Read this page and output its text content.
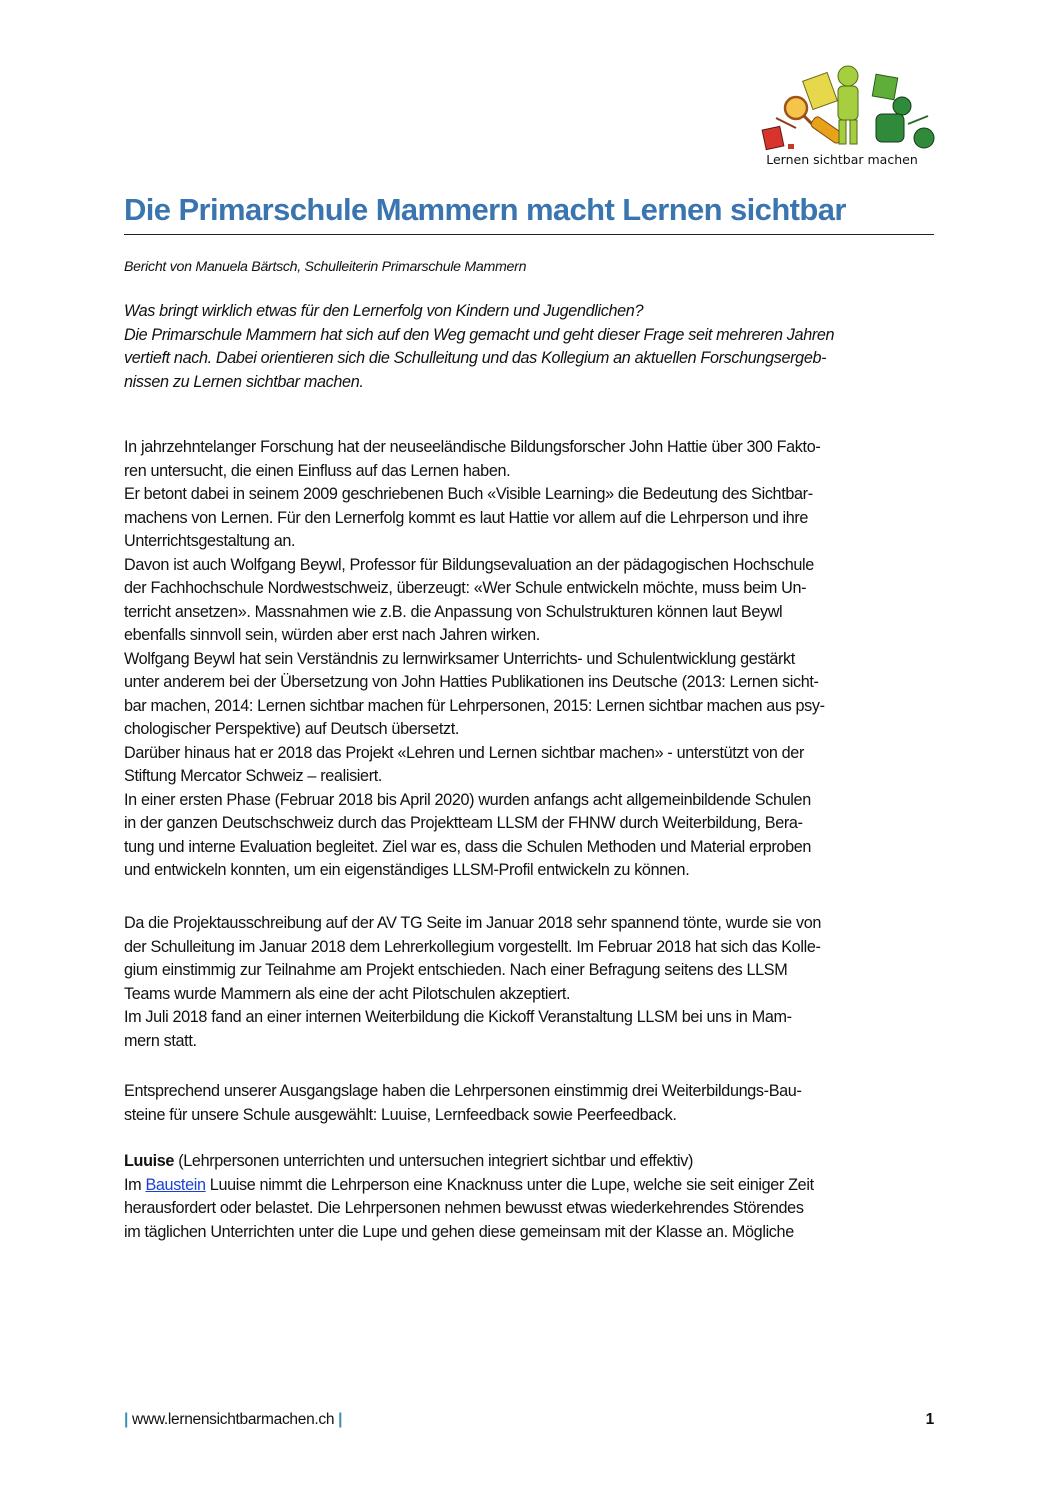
Lernen sichtbar machen
Die Primarschule Mammern macht Lernen sichtbar
Bericht von Manuela Bärtsch, Schulleiterin Primarschule Mammern

Was bringt wirklich etwas für den Lernerfolg von Kindern und Jugendlichen?

Die Primarschule Mammern hat sich auf den Weg gemacht und geht dieser Frage seit mehreren Jahren

vertieft nach. Dabei orientieren sich die Schulleitung und das Kollegium an aktuellen Forschungsergeb-

nissen zu Lernen sichtbar machen.

In jahrzehntelanger Forschung hat der neuseeländische Bildungsforscher John Hattie über 300 Fakto-

ren untersucht, die einen Einfluss auf das Lernen haben.

Er betont dabei in seinem 2009 geschriebenen Buch «Visible Learning» die Bedeutung des Sichtbar-

machens von Lernen. Für den Lernerfolg kommt es laut Hattie vor allem auf die Lehrperson und ihre

Unterrichtsgestaltung an.

Davon ist auch Wolfgang Beywl, Professor für Bildungsevaluation an der pädagogischen Hochschule

der Fachhochschule Nordwestschweiz, überzeugt: «Wer Schule entwickeln möchte, muss beim Un-

terricht ansetzen». Massnahmen wie z.B. die Anpassung von Schulstrukturen können laut Beywl

ebenfalls sinnvoll sein, würden aber erst nach Jahren wirken.

Wolfgang Beywl hat sein Verständnis zu lernwirksamer Unterrichts- und Schulentwicklung gestärkt

unter anderem bei der Übersetzung von John Hatties Publikationen ins Deutsche (2013: Lernen sicht-

bar machen, 2014: Lernen sichtbar machen für Lehrpersonen, 2015: Lernen sichtbar machen aus psy-

chologischer Perspektive) auf Deutsch übersetzt.

Darüber hinaus hat er 2018 das Projekt «Lehren und Lernen sichtbar machen» - unterstützt von der

Stiftung Mercator Schweiz – realisiert.

In einer ersten Phase (Februar 2018 bis April 2020) wurden anfangs acht allgemeinbildende Schulen

in der ganzen Deutschschweiz durch das Projektteam LLSM der FHNW durch Weiterbildung, Bera-

tung und interne Evaluation begleitet. Ziel war es, dass die Schulen Methoden und Material erproben

und entwickeln konnten, um ein eigenständiges LLSM-Profil entwickeln zu können.

Da die Projektausschreibung auf der AV TG Seite im Januar 2018 sehr spannend tönte, wurde sie von

der Schulleitung im Januar 2018 dem Lehrerkollegium vorgestellt. Im Februar 2018 hat sich das Kolle-

gium einstimmig zur Teilnahme am Projekt entschieden. Nach einer Befragung seitens des LLSM

Teams wurde Mammern als eine der acht Pilotschulen akzeptiert.

Im Juli 2018 fand an einer internen Weiterbildung die Kickoff Veranstaltung LLSM bei uns in Mam-

mern statt.

Entsprechend unserer Ausgangslage haben die Lehrpersonen einstimmig drei Weiterbildungs-Bau-

steine für unsere Schule ausgewählt: Luuise, Lernfeedback sowie Peerfeedback.

Luuise (Lehrpersonen unterrichten und untersuchen integriert sichtbar und effektiv)

Im Baustein Luuise nimmt die Lehrperson eine Knacknuss unter die Lupe, welche sie seit einiger Zeit

herausfordert oder belastet. Die Lehrpersonen nehmen bewusst etwas wiederkehrendes Störendes

im täglichen Unterrichten unter die Lupe und gehen diese gemeinsam mit der Klasse an. Mögliche

| www.lernensichtbarmachen.ch |	1
